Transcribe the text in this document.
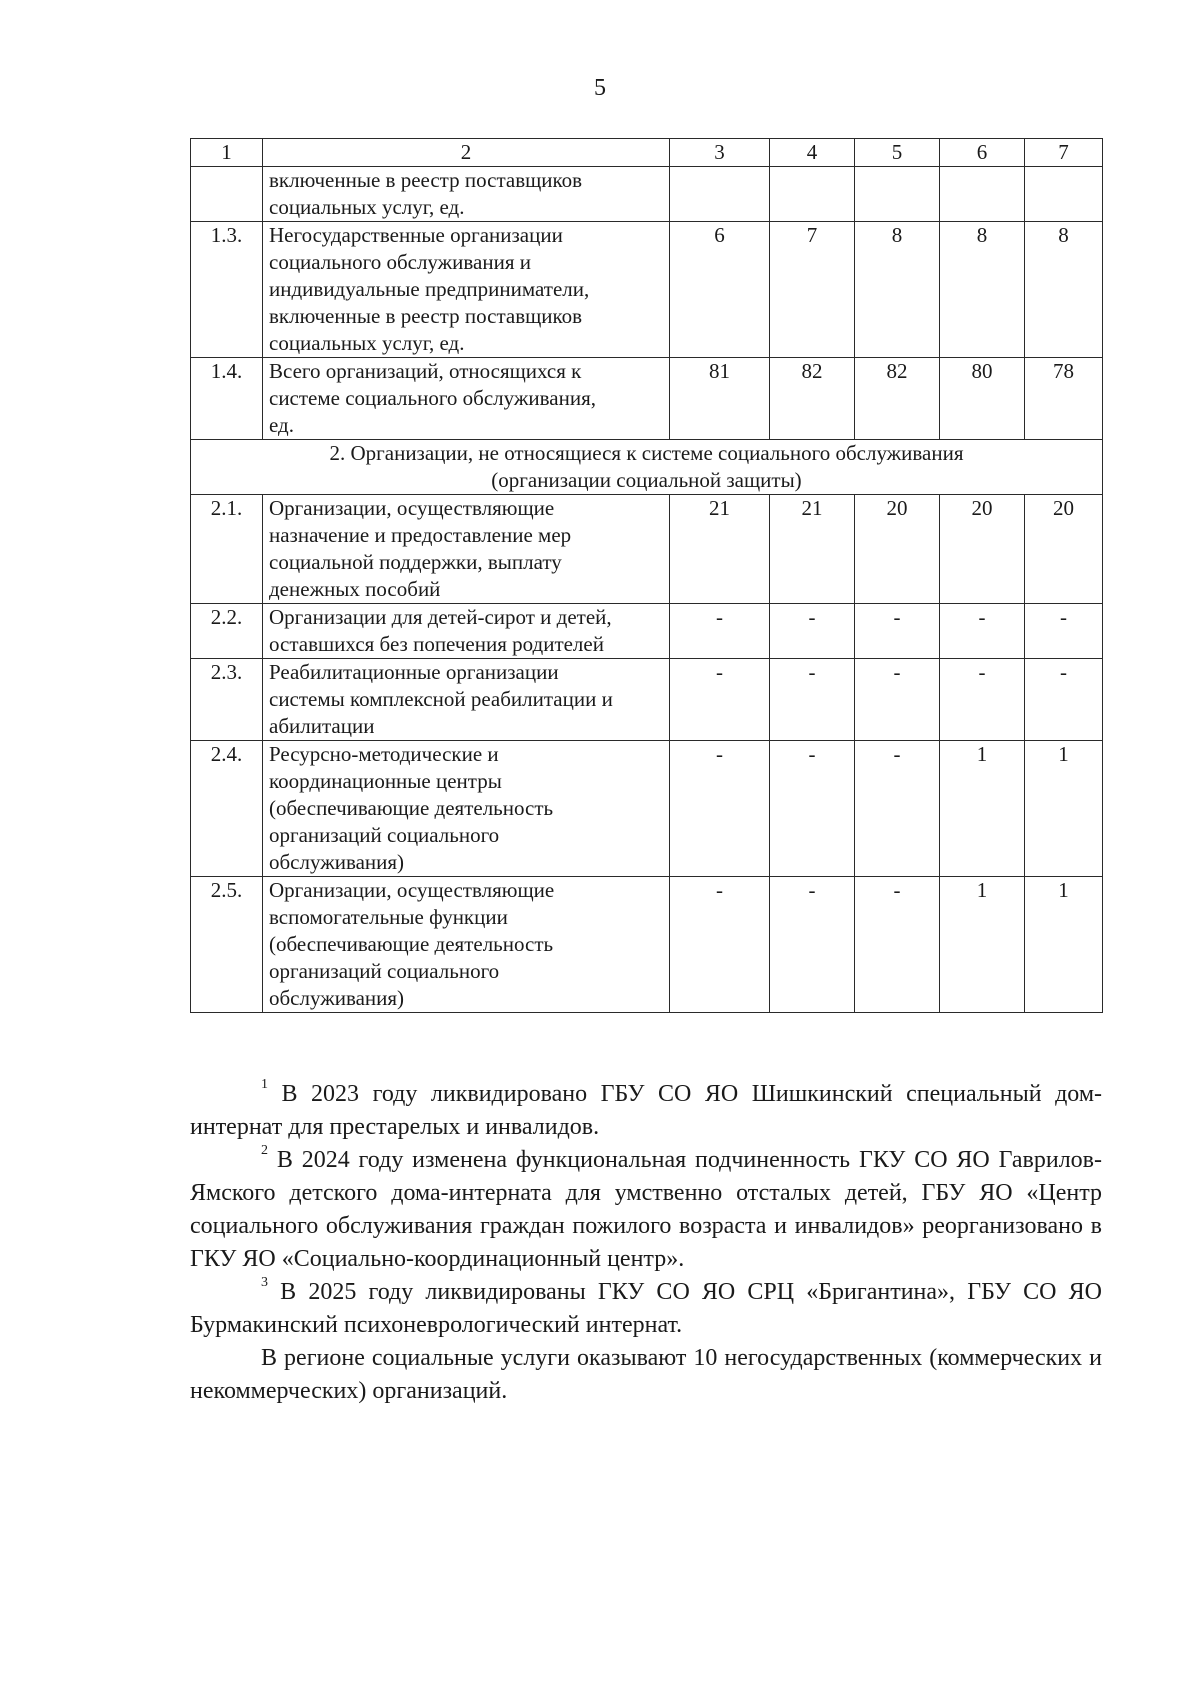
5
1	2	3	4	5	6	7

	включенные в реестр поставщиков
социальных услуг, ед.					

1.3.	Негосударственные организации
социального обслуживания и
индивидуальные предприниматели,
включенные в реестр поставщиков
социальных услуг, ед.	6	7	8	8	8
1.4.	Всего организаций, относящихся к
системе социального обслуживания,
ед.	81	82	82	80	78

2. Организации, не относящиеся к системе социального обслуживания
(организации социальной защиты)						

2.1.	Организации, осуществляющие
назначение и предоставление мер
социальной поддержки, выплату
денежных пособий	21	21	20	20	20
2.2.	Организации для детей-сирот и детей,
оставшихся без попечения родителей	-	-	-	-	-
2.3.	Реабилитационные организации
системы комплексной реабилитации и
абилитации	-	-	-	-	-
2.4.	Ресурсно-методические и
координационные центры
(обеспечивающие деятельность
организаций социального
обслуживания)	-	-	-	1	1
2.5.	Организации, осуществляющие
вспомогательные функции
(обеспечивающие деятельность
организаций социального
обслуживания)	-	-	-	1	1

$^1$ В 2023 году ликвидировано ГБУ СО ЯО Шишкинский специальный дом-интернат для престарелых и инвалидов.

$^2$ В 2024 году изменена функциональная подчиненность ГКУ СО ЯО Гаврилов-Ямского детского дома-интерната для умственно отсталых детей, ГБУ ЯО «Центр социального обслуживания граждан пожилого возраста и инвалидов» реорганизовано в ГКУ ЯО «Социально-координационный центр».

$^3$ В 2025 году ликвидированы ГКУ СО ЯО СРЦ «Бригантина», ГБУ СО ЯО Бурмакинский психоневрологический интернат.

В регионе социальные услуги оказывают 10 негосударственных (коммерческих и некоммерческих) организаций.
